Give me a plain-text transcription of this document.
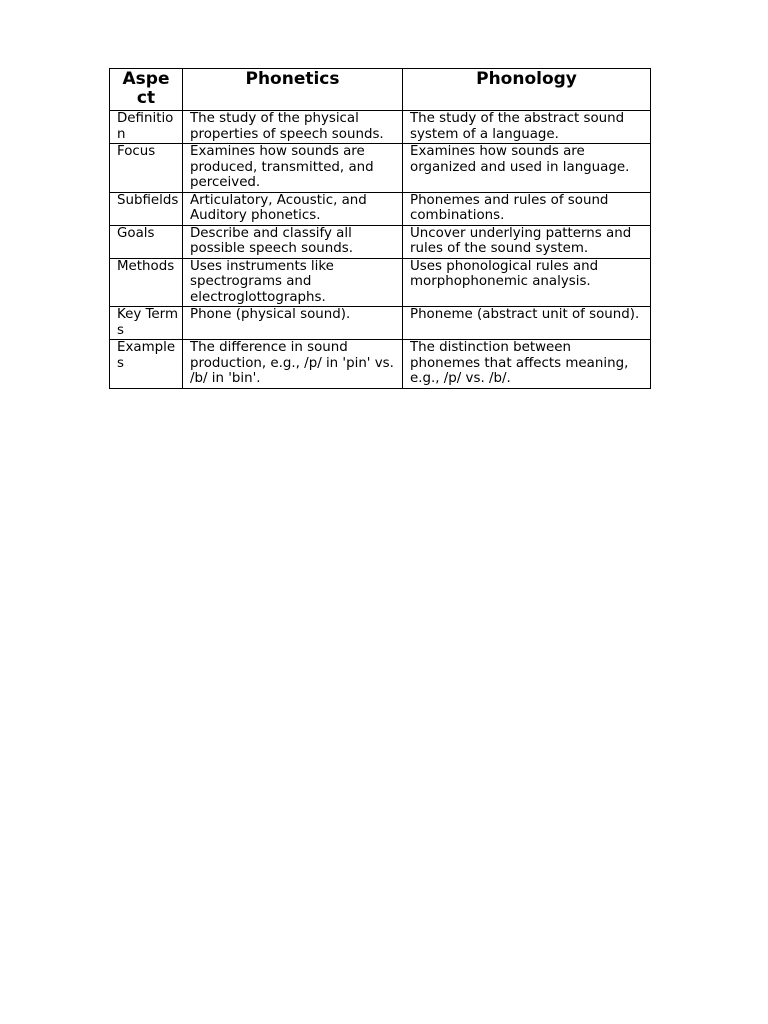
Aspect	Phonetics	Phonology
Definition	The study of the physical properties of speech sounds.	The study of the abstract sound system of a language.
Focus	Examines how sounds are produced, transmitted, and perceived.	Examines how sounds are organized and used in language.
Subfields	Articulatory, Acoustic, and Auditory phonetics.	Phonemes and rules of sound combinations.
Goals	Describe and classify all possible speech sounds.	Uncover underlying patterns and rules of the sound system.
Methods	Uses instruments like spectrograms and electroglottographs.	Uses phonological rules and morphophonemic analysis.
Key Terms	Phone (physical sound).	Phoneme (abstract unit of sound).
Examples	The difference in sound production, e.g., /p/ in 'pin' vs. /b/ in 'bin'.	The distinction between phonemes that affects meaning, e.g., /p/ vs. /b/.
